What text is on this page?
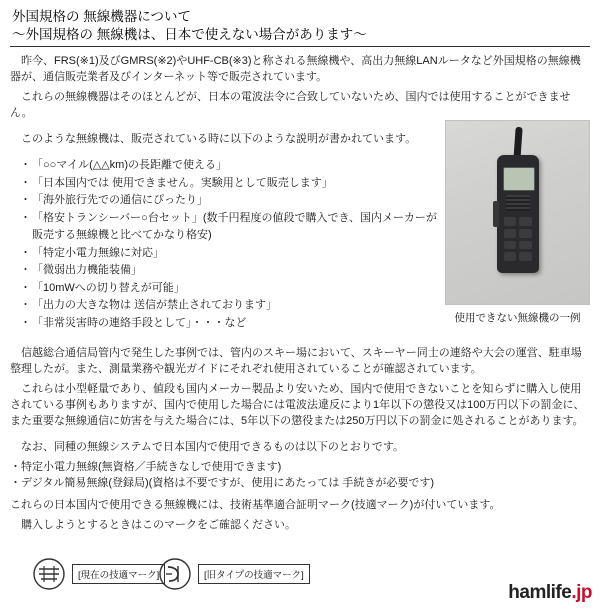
外国規格の 無線機器について
～外国規格の 無線機は、日本で使えない場合があります～

昨今、FRS(※1)及びGMRS(※2)やUHF-CB(※3)と称される無線機や、高出力無線LANルータなど外国規格の無線機器が、通信販売業者及びインターネット等で販売されています。

これらの無線機器はそのほとんどが、日本の電波法令に合致していないため、国内では使用することができません。

このような無線機は、販売されている時に以下のような説明が書かれています。

・ 「○○マイル(△△km)の長距離で使える」
・ 「日本国内では 使用できません。実験用として販売します」
・ 「海外旅行先での通信にぴったり」
・ 「格安トランシーバー○台セット」(数千円程度の値段で購入でき、国内メーカーが販売する無線機と比べてかなり格安)
・ 「特定小電力無線に対応」
・ 「微弱出力機能装備」
・ 「10mWへの切り替えが可能」
・ 「出力の大きな物は 送信が禁止されております」
・ 「非常災害時の連絡手段として」・・・など	使用できない無線機の一例

信越総合通信局管内で発生した事例では、管内のスキー場において、スキーヤー同士の連絡や大会の運営、駐車場整理したが。また、測量業務や観光ガイドにそれぞれ使用されていることが確認されています。

これらは小型軽量であり、値段も国内メーカー製品より安いため、国内で使用できないことを知らずに購入し使用されている事例もありますが、国内で使用した場合には電波法違反により1年以下の懲役又は100万円以下の罰金に、また重要な無線通信に妨害を与えた場合には、5年以下の懲役または250万円以下の罰金に処されることがあります。

なお、同種の無線システムで日本国内で使用できるものは以下のとおりです。

・特定小電力無線(無資格／手続きなしで使用できます)
・デジタル簡易無線(登録局)(資格は不要ですが、使用にあたっては 手続きが必要です)

これらの日本国内で使用できる無線機には、技術基準適合証明マーク(技適マーク)が付いています。

購入しようとするときはこのマークをご確認ください。

[現在の技適マーク]	[旧タイプの技適マーク]
hamlife.jp
